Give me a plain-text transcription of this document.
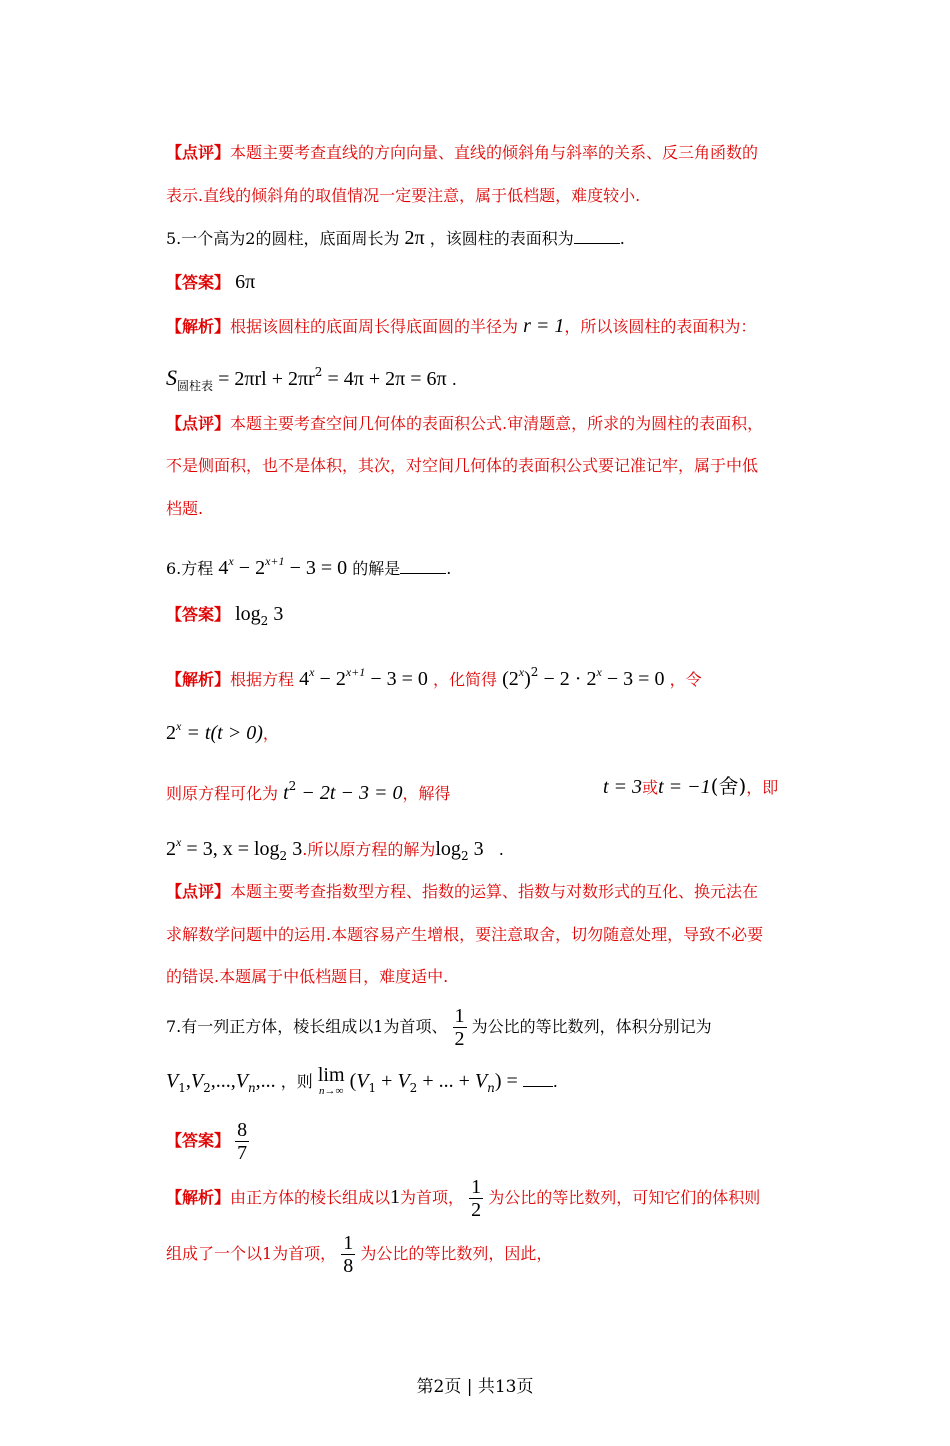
【点评】本题主要考查直线的方向向量、直线的倾斜角与斜率的关系、反三角函数的
表示.直线的倾斜角的取值情况一定要注意，属于低档题，难度较小.
5.一个高为2的圆柱，底面周长为 2π ，该圆柱的表面积为	.
【答案】 6π
【解析】根据该圆柱的底面周长得底面圆的半径为 r = 1，所以该圆柱的表面积为：
$S_{圆柱表} = 2\pi rl + 2\pi r^2 = 4\pi + 2\pi = 6\pi$ .
【点评】本题主要考查空间几何体的表面积公式.审清题意，所求的为圆柱的表面积，
不是侧面积，也不是体积，其次，对空间几何体的表面积公式要记准记牢，属于中低
档题.
6.方程 $4^x - 2^{x+1} - 3 = 0$ 的解是	.
【答案】 $\log_2 3$
【解析】根据方程 $4^x - 2^{x+1} - 3 = 0$ ，化简得 $(2^x)^2 - 2 \cdot 2^x - 3 = 0$ ，令
$2^x = t(t > 0)$，
则原方程可化为 $t^2 - 2t - 3 = 0$，解得	t = 3或t = −1(舍)，即
$2^x = 3$, $x = \log_2 3$.所以原方程的解为$\log_2 3$ .
【点评】本题主要考查指数型方程、指数的运算、指数与对数形式的互化、换元法在
求解数学问题中的运用.本题容易产生增根，要注意取舍，切勿随意处理，导致不必要
的错误.本题属于中低档题目，难度适中.
7.有一列正方体，棱长组成以1为首项、 $\frac{1}{2}$ 为公比的等比数列，体积分别记为
$V_1,V_2,...,V_n$,... ，则 lim
n→∞ ($V_1 + V_2$ + ... + $V_n$) = .
【答案】 $\frac{8}{7}$
【解析】由正方体的棱长组成以1为首项， $\frac{1}{2}$ 为公比的等比数列，可知它们的体积则
组成了一个以1为首项， $\frac{1}{8}$ 为公比的等比数列，因此，
第2页 | 共13页
